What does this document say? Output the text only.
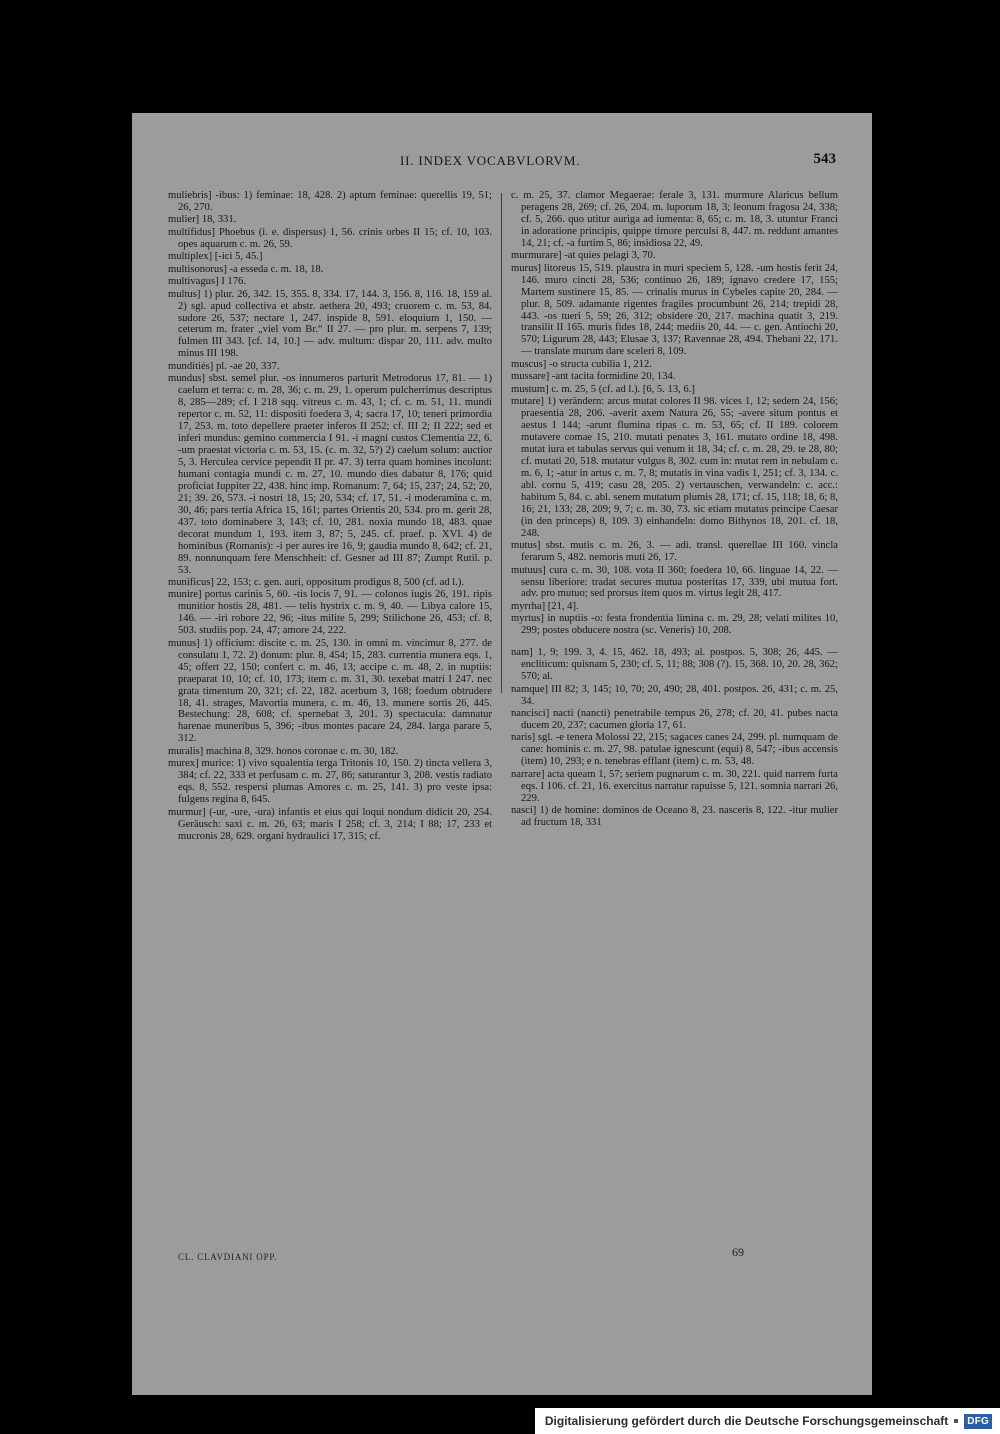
II. INDEX VOCABVLORVM.	543
muliebris] -ibus: 1) feminae: 18, 428. 2) aptum feminae: querellis 19, 51; 26, 270.
mulier] 18, 331.
multifidus] Phoebus (i. e. dispersus) 1, 56. crinis orbes II 15; cf. 10, 103. opes aquarum c. m. 26, 59.
multiplex] [-ici 5, 45.]
multisonorus] -a esseda c. m. 18, 18.
multivagus] I 176.
multus] 1) plur. 26, 342. 15, 355. 8, 334. 17, 144. 3, 156. 8, 116. 18, 159 al. 2) sgl. apud collectiva et abstr. aethera 20, 493; cruorem c. m. 53, 84. sudore 26, 537; nectare 1, 247. inspide 8, 591. eloquium 1, 150. — ceterum m. frater „viel vom Br.“ II 27. — pro plur. m. serpens 7, 139; fulmen III 343. [cf. 14, 10.] — adv. multum: dispar 20, 111. adv. multo minus III 198.
munditiés] pl. -ae 20, 337.
mundus] sbst. semel plur. -os innumeros parturit Metrodorus 17, 81. — 1) caelum et terra: c. m. 28, 36; c. m. 29, 1. operum pulcherrimus descriptus 8, 285—289; cf. I 218 sqq. vitreus c. m. 43, 1; cf. c. m. 51, 11. mundi repertor c. m. 52, 11: dispositi foedera 3, 4; sacra 17, 10; teneri primordia 17, 253. m. toto depellere praeter inferos II 252; cf. III 2; II 222; sed et inferi mundus: gemino commercia I 91. -i magni custos Clementia 22, 6. -um praestat victoria c. m. 53, 15. (c. m. 32, 5?) 2) caelum solum: auctior 5, 3. Herculea cervice pependit II pr. 47. 3) terra quam homines incolunt: humani contagia mundi c. m. 27, 10. mundo dies dabatur 8, 176; quid proficiat Iuppiter 22, 438. hinc imp. Romanum: 7, 64; 15, 237; 24, 52; 20, 21; 39. 26, 573. -i nostri 18, 15; 20, 534; cf. 17, 51. -i moderamina c. m. 30, 46; pars tertia Africa 15, 161; partes Orientis 20, 534. pro m. gerit 28, 437. toto dominabere 3, 143; cf. 10, 281. noxia mundo 18, 483. quae decorat mundum 1, 193. item 3, 87; 5, 245. cf. praef. p. XVI. 4) de hominibus (Romanis): -i per aures ire 16, 9; gaudia mundo 8, 642; cf. 21, 89. nonnunquam fere Menschheit: cf. Gesner ad III 87; Zumpt Rutil. p. 53.
munificus] 22, 153; c. gen. auri, oppositum prodigus 8, 500 (cf. ad l.).
munire] portus carinis 5, 60. -tis locis 7, 91. — colonos iugis 26, 191. ripis munitior hostis 28, 481. — telis hystrix c. m. 9, 40. — Libya calore 15, 146. — -iri robore 22, 96; -itus milite 5, 299; Stilichone 26, 453; cf. 8, 503. studiis pop. 24, 47; amore 24, 222.
munus] 1) officium: discite c. m. 25, 130. in omni m. vincimur 8, 277. de consulatu 1, 72. 2) donum: plur. 8, 454; 15, 283. currentia munera eqs. 1, 45; offert 22, 150; confert c. m. 46, 13; accipe c. m. 48, 2. in nuptiis: praeparat 10, 10; cf. 10, 173; item c. m. 31, 30. texebat matri I 247. nec grata timentum 20, 321; cf. 22, 182. acerbum 3, 168; foedum obtrudere 18, 41. strages, Mavortia munera, c. m. 46, 13. munere sortis 26, 445. Bestechung: 28, 608; cf. spernebat 3, 201. 3) spectacula: damnatur harenae muneribus 5, 396; -ibus montes pacare 24, 284. larga parare 5, 312.
muralis] machina 8, 329. honos coronae c. m. 30, 182.
murex] murice: 1) vivo squalentia terga Tritonis 10, 150. 2) tincta vellera 3, 384; cf. 22, 333 et perfusam c. m. 27, 86; saturantur 3, 208. vestis radiato eqs. 8, 552. respersi plumas Amores c. m. 25, 141. 3) pro veste ipsa: fulgens regina 8, 645.
murmur] (-ur, -ure, -ura) infantis et eius qui loqui nondum didicit 20, 254. Geräusch: saxi c. m. 26, 63; maris I 258; cf. 3, 214; I 88; 17, 233 et mucronis 28, 629. organi hydraulici 17, 315; cf.
c. m. 25, 37. clamor Megaerae: ferale 3, 131. murmure Alaricus bellum peragens 28, 269; cf. 26, 204. m. luporum 18, 3; leonum fragosa 24, 338; cf. 5, 266. quo utitur auriga ad iumenta: 8, 65; c. m. 18, 3. utuntur Franci in adoratione principis, quippe timore perculsi 8, 447. m. reddunt amantes 14, 21; cf. -a furtim 5, 86; insidiosa 22, 49.
murmurare] -at quies pelagi 3, 70.
murus] litoreus 15, 519. plaustra in muri speciem 5, 128. -um hostis ferit 24, 146. muro cincti 28, 536; continuo 26, 189; ignavo credere 17, 155; Martem sustinere 15, 85. — crinalis murus in Cybeles capite 20, 284. — plur. 8, 509. adamante rigentes fragiles procumbunt 26, 214; trepidi 28, 443. -os tueri 5, 59; 26, 312; obsidere 20, 217. machina quatit 3, 219. transilit II 165. muris fides 18, 244; mediis 20, 44. — c. gen. Antiochi 20, 570; Ligurum 28, 443; Elusae 3, 137; Ravennae 28, 494. Thebani 22, 171. — translate murum dare sceleri 8, 109.
muscus] -o structa cubilia 1, 212.
mussare] -ant tacita formidine 20, 134.
mustum] c. m. 25, 5 (cf. ad l.). [6, 5. 13, 6.]
mutare] 1) verändern: arcus mutat colores II 98. vices 1, 12; sedem 24, 156; praesentia 28, 206. -averit axem Natura 26, 55; -avere situm pontus et aestus I 144; -arunt flumina ripas c. m. 53, 65; cf. II 189. colorem mutavere comae 15, 210. mutati penates 3, 161. mutato ordine 18, 498. mutat iura et tabulas servus qui venum it 18, 34; cf. c. m. 28, 29. te 28, 80; cf. mutati 20, 518. mutatur vulgus 8, 302. cum in: mutat rem in nebulam c. m. 6, 1; -atur in artus c. m. 7, 8; mutatis in vina vadis 1, 251; cf. 3, 134. c. abl. cornu 5, 419; casu 28, 205. 2) vertauschen, verwandeln: c. acc.: habitum 5, 84. c. abl. senem mutatum plumis 28, 171; cf. 15, 118; 18, 6; 8, 16; 21, 133; 28, 209; 9, 7; c. m. 30, 73. sic etiam mutatus principe Caesar (in den princeps) 8, 109. 3) einhandeln: domo Bithynos 18, 201. cf. 18, 248.
mutus] sbst. mutis c. m. 26, 3. — adi. transl. querellae III 160. vincla ferarum 5, 482. nemoris muti 26, 17.
mutuus] cura c. m. 30, 108. vota II 360; foedera 10, 66. linguae 14, 22. — sensu liberiore: tradat secures mutua posteritas 17, 339, ubi mutua fort. adv. pro mutuo; sed prorsus item quos m. virtus legit 28, 417.
myrrha] [21, 4].
myrtus] in nuptiis -o: festa frondentia limina c. m. 29, 28; velati milites 10, 299; postes obducere nostra (sc. Veneris) 10, 208.
nam] 1, 9; 199. 3, 4. 15, 462. 18, 493; al. postpos. 5, 308; 26, 445. — encliticum: quisnam 5, 230; cf. 5, 11; 88; 308 (?). 15, 368. 10, 20. 28, 362; 570; al.
namque] III 82; 3, 145; 10, 70; 20, 490; 28, 401. postpos. 26, 431; c. m. 25, 34.
nancisci] nacti (nancti) penetrabile tempus 26, 278; cf. 20, 41. pubes nacta ducem 20, 237; cacumen gloria 17, 61.
naris] sgl. -e tenera Molossi 22, 215; sagaces canes 24, 299. pl. numquam de cane: hominis c. m. 27, 98. patulae ignescunt (equi) 8, 547; -ibus accensis (item) 10, 293; e n. tenebras efflant (item) c. m. 53, 48.
narrare] acta queam 1, 57; seriem pugnarum c. m. 30, 221. quid narrem furta eqs. I 106. cf. 21, 16. exercitus narratur rapuisse 5, 121. somnia narrari 26, 229.
nasci] 1) de homine: dominos de Oceano 8, 23. nasceris 8, 122. -itur mulier ad fructum 18, 331
CL. CLAVDIANI OPP.	69
Digitalisierung gefördert durch die Deutsche Forschungsgemeinschaft	DFG
